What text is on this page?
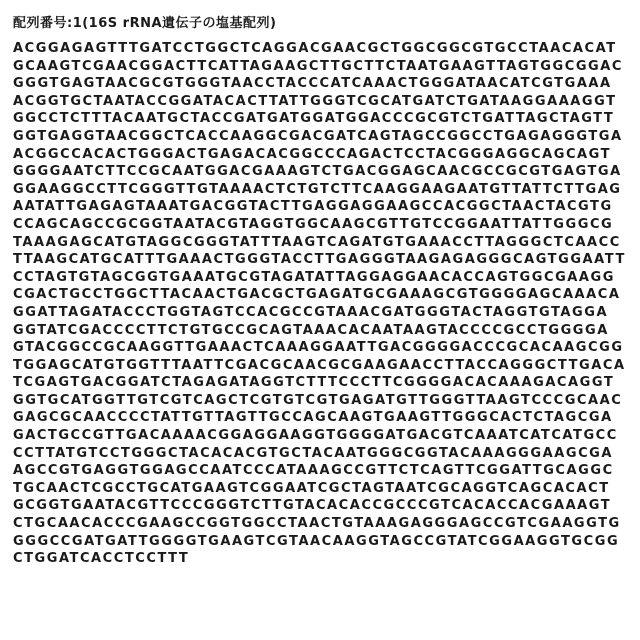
配列番号:1(16S rRNA遺伝子の塩基配列)
ACGGAGAGTTTGATCCTGGCTCAGGACGAACGCTGGCGGCGTGCCTAACACAT
GCAAGTCGAACGGACTTCATTAGAAGCTTGCTTCTAATGAAGTTAGTGGCGGAC
GGGTGAGTAACGCGTGGGTAACCTACCCATCAAACTGGGATAACATCGTGAAA
ACGGTGCTAATACCGGATACACTTATTGGGTCGCATGATCTGATAAGGAAAGGT
GGCCTCTTTACAATGCTACCGATGATGGATGGACCCGCGTCTGATTAGCTAGTT
GGTGAGGTAACGGCTCACCAAGGCGACGATCAGTAGCCGGCCTGAGAGGGTGA
ACGGCCACACTGGGACTGAGACACGGCCCAGACTCCTACGGGAGGCAGCAGT
GGGGAATCTTCCGCAATGGACGAAAGTCTGACGGAGCAACGCCGCGTGAGTGA
GGAAGGCCTTCGGGTTGTAAAACTCTGTCTTCAAGGAAGAATGTTATTCTTGAG
AATATTGAGAGTAAATGACGGTACTTGAGGAGGAAGCCACGGCTAACTACGTG
CCAGCAGCCGCGGTAATACGTAGGTGGCAAGCGTTGTCCGGAATTATTGGGCG
TAAAGAGCATGTAGGCGGGTATTTAAGTCAGATGTGAAACCTTAGGGCTCAACC
TTAAGCATGCATTTGAAACTGGGTACCTTGAGGGTAAGAGAGGGCAGTGGAATT
CCTAGTGTAGCGGTGAAATGCGTAGATATTAGGAGGAACACCAGTGGCGAAGG
CGACTGCCTGGCTTACAACTGACGCTGAGATGCGAAAGCGTGGGGAGCAAACA
GGATTAGATACCCTGGTAGTCCACGCCGTAAACGATGGGTACTAGGTGTAGGA
GGTATCGACCCCTTCTGTGCCGCAGTAAACACAATAAGTACCCCGCCTGGGGA
GTACGGCCGCAAGGTTGAAACTCAAAGGAATTGACGGGGACCCGCACAAGCGG
TGGAGCATGTGGTTTAATTCGACGCAACGCGAAGAACCTTACCAGGGCTTGACA
TCGAGTGACGGATCTAGAGATAGGTCTTTCCCTTCGGGGACACAAAGACAGGT
GGTGCATGGTTGTCGTCAGCTCGTGTCGTGAGATGTTGGGTTAAGTCCCGCAAC
GAGCGCAACCCCTATTGTTAGTTGCCAGCAAGTGAAGTTGGGCACTCTAGCGA
GACTGCCGTTGACAAAACGGAGGAAGGTGGGGATGACGTCAAATCATCATGCC
CCTTATGTCCTGGGCTACACACGTGCTACAATGGGCGGTACAAAGGGAAGCGA
AGCCGTGAGGTGGAGCCAATCCCATAAAGCCGTTCTCAGTTCGGATTGCAGGC
TGCAACTCGCCTGCATGAAGTCGGAATCGCTAGTAATCGCAGGTCAGCACACT
GCGGTGAATACGTTCCCGGGTCTTGTACACACCGCCCGTCACACCACGAAAGT
CTGCAACACCCGAAGCCGGTGGCCTAACTGTAAAGAGGGAGCCGTCGAAGGTG
GGGCCGATGATTGGGGTGAAGTCGTAACAAGGTAGCCGTATCGGAAGGTGCGG
CTGGATCACCTCCTTT
